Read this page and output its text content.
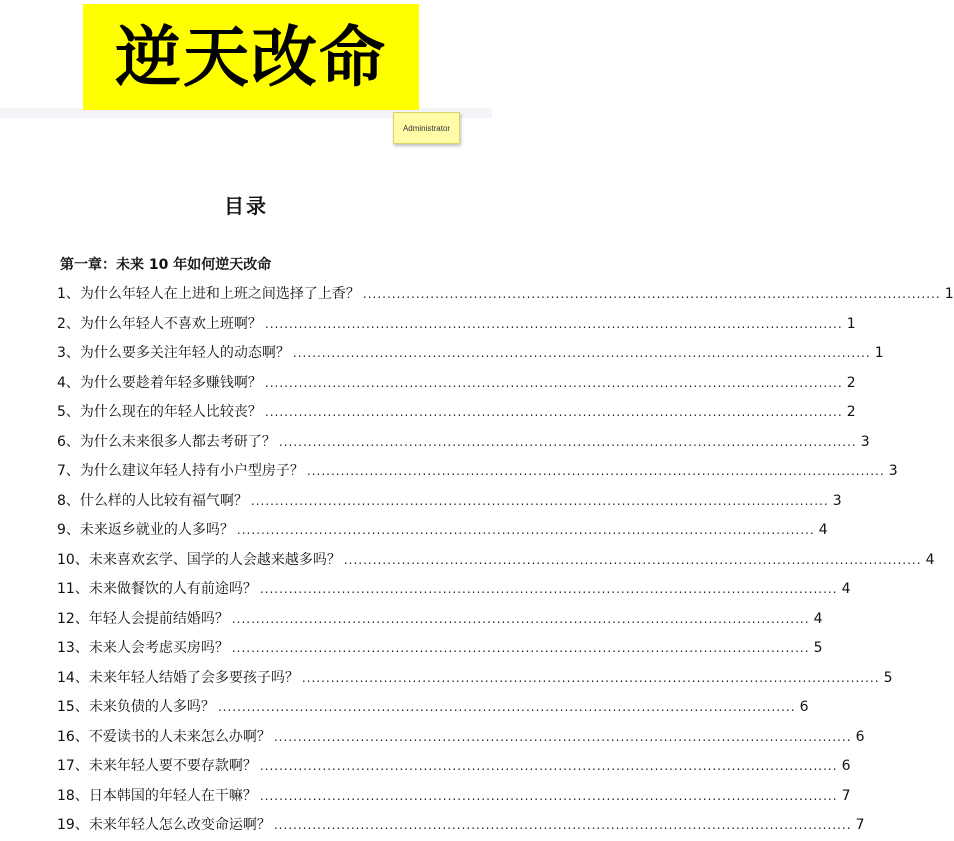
逆天改命
Administrator
目录
第一章：未来 10 年如何逆天改命
1、为什么年轻人在上进和上班之间选择了上香？ ........................................................................................................................ 1
2、为什么年轻人不喜欢上班啊？ ........................................................................................................................ 1
3、为什么要多关注年轻人的动态啊？ ........................................................................................................................ 1
4、为什么要趁着年轻多赚钱啊？ ........................................................................................................................ 2
5、为什么现在的年轻人比较丧？ ........................................................................................................................ 2
6、为什么未来很多人都去考研了？ ........................................................................................................................ 3
7、为什么建议年轻人持有小户型房子？ ........................................................................................................................ 3
8、什么样的人比较有福气啊？ ........................................................................................................................ 3
9、未来返乡就业的人多吗？ ........................................................................................................................ 4
10、未来喜欢玄学、国学的人会越来越多吗？ ........................................................................................................................ 4
11、未来做餐饮的人有前途吗？ ........................................................................................................................ 4
12、年轻人会提前结婚吗？ ........................................................................................................................ 4
13、未来人会考虑买房吗？ ........................................................................................................................ 5
14、未来年轻人结婚了会多要孩子吗？ ........................................................................................................................ 5
15、未来负债的人多吗？ ........................................................................................................................ 6
16、不爱读书的人未来怎么办啊？ ........................................................................................................................ 6
17、未来年轻人要不要存款啊？ ........................................................................................................................ 6
18、日本韩国的年轻人在干嘛？ ........................................................................................................................ 7
19、未来年轻人怎么改变命运啊？ ........................................................................................................................ 7
